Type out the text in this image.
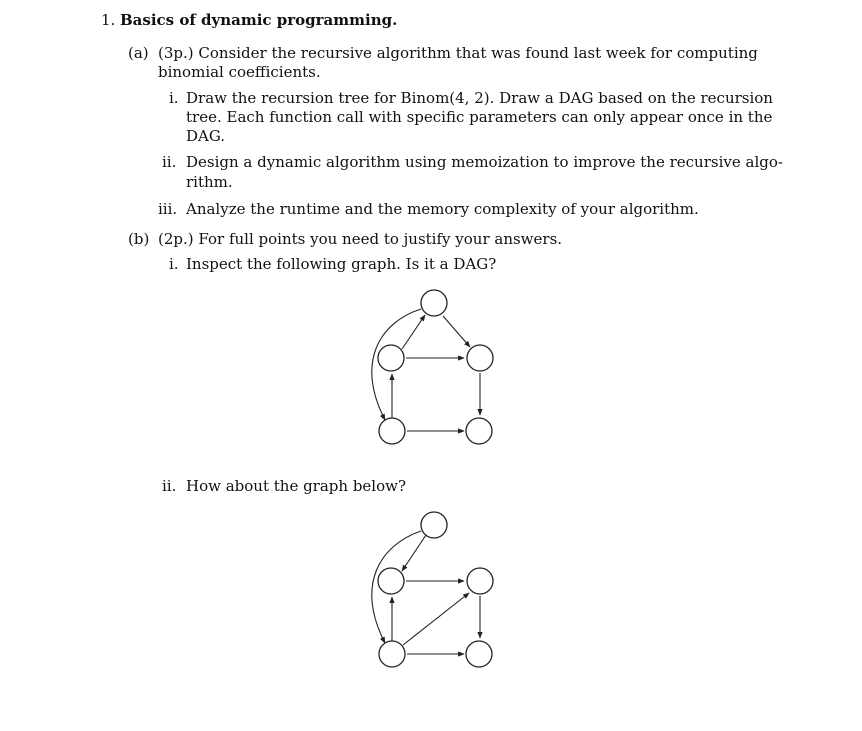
1. Basics of dynamic programming.
(a) (3p.) Consider the recursive algorithm that was found last week for computing
binomial coefficients.
i. Draw the recursion tree for Binom(4, 2). Draw a DAG based on the recursion
tree. Each function call with specific parameters can only appear once in the
DAG.
ii. Design a dynamic algorithm using memoization to improve the recursive algo-
rithm.
iii. Analyze the runtime and the memory complexity of your algorithm.
(b) (2p.) For full points you need to justify your answers.
i. Inspect the following graph. Is it a DAG?
ii. How about the graph below?
